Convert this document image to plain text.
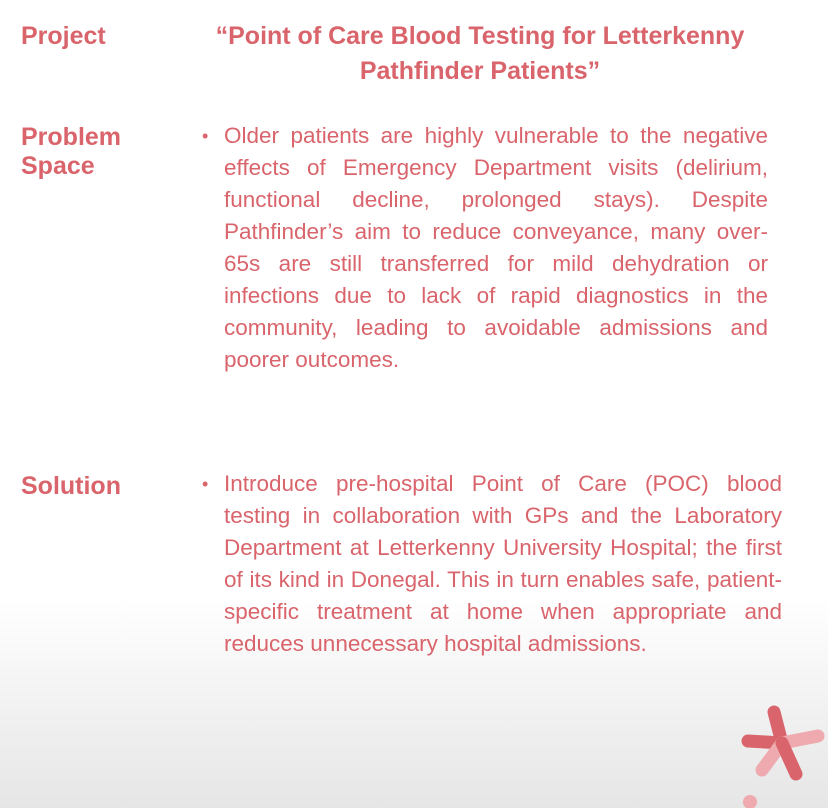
Project	“Point of Care Blood Testing for Letterkenny Pathfinder Patients”
Problem
Space
• Older patients are highly vulnerable to the negative effects of Emergency Department visits (delirium, functional decline, prolonged stays). Despite Pathfinder’s aim to reduce conveyance, many over-65s are still transferred for mild dehydration or infections due to lack of rapid diagnostics in the community, leading to avoidable admissions and poorer outcomes.
Solution	• Introduce pre-hospital Point of Care (POC) blood testing in collaboration with GPs and the Laboratory Department at Letterkenny University Hospital; the first of its kind in Donegal. This in turn enables safe, patient-specific treatment at home when appropriate and reduces unnecessary hospital admissions.
